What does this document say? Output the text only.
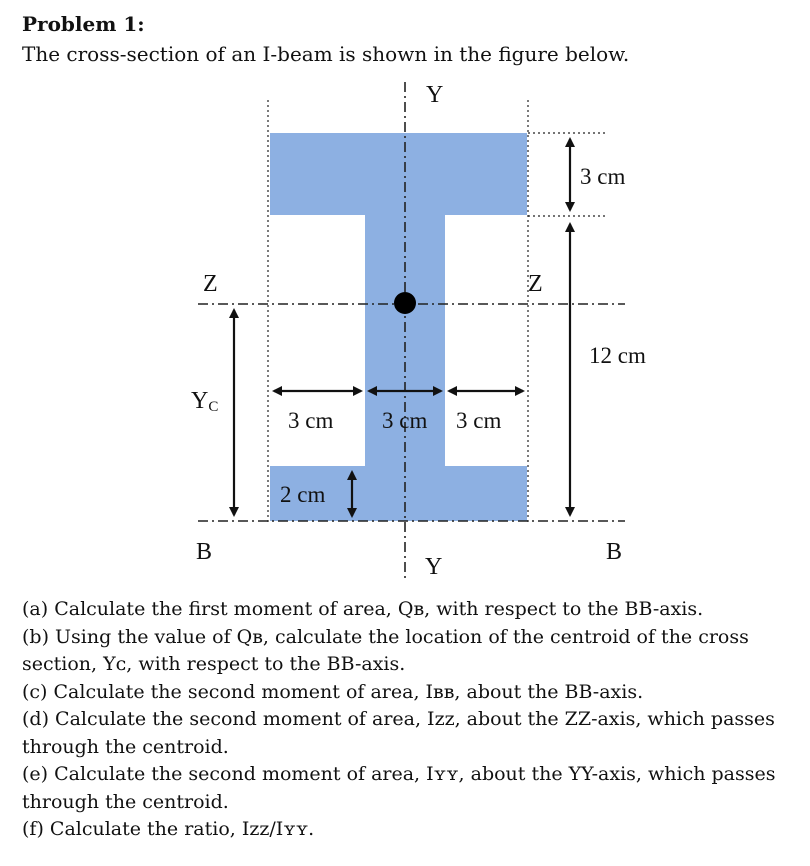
Problem 1:
The cross-section of an I-beam is shown in the figure below.
Y
Y
Z	Z
B	B
YC
3 cm
12 cm
3 cm 3 cm 3 cm
2 cm

(a) Calculate the first moment of area, Qʙ, with respect to the BB-axis.

(b) Using the value of Qʙ, calculate the location of the centroid of the cross section, Yᴄ, with respect to the BB-axis.

(c) Calculate the second moment of area, Iʙʙ, about the BB-axis.

(d) Calculate the second moment of area, Iᴢᴢ, about the ZZ-axis, which passes through the centroid.

(e) Calculate the second moment of area, Iʏʏ, about the YY-axis, which passes through the centroid.

(f) Calculate the ratio, Iᴢᴢ/Iʏʏ.
